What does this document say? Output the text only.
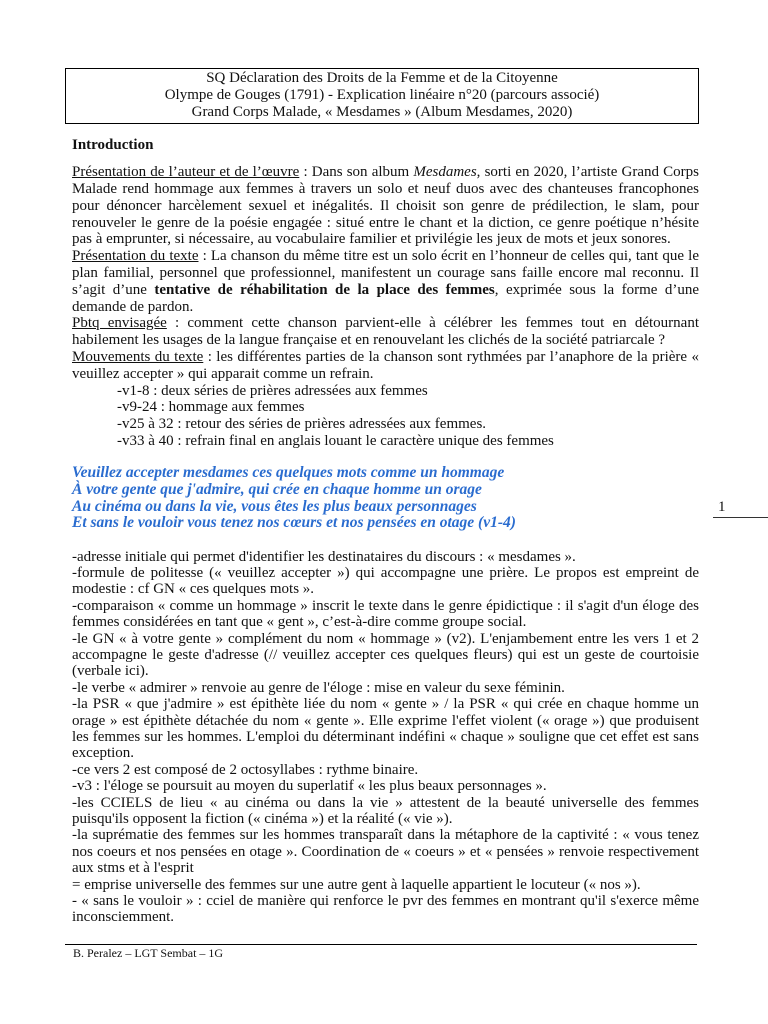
SQ Déclaration des Droits de la Femme et de la Citoyenne
Olympe de Gouges (1791) - Explication linéaire n°20 (parcours associé)
Grand Corps Malade, « Mesdames » (Album Mesdames, 2020)
Introduction

Présentation de l’auteur et de l’œuvre : Dans son album Mesdames, sorti en 2020, l’artiste Grand Corps Malade rend hommage aux femmes à travers un solo et neuf duos avec des chanteuses francophones pour dénoncer harcèlement sexuel et inégalités. Il choisit son genre de prédilection, le slam, pour renouveler le genre de la poésie engagée : situé entre le chant et la diction, ce genre poétique n’hésite pas à emprunter, si nécessaire, au vocabulaire familier et privilégie les jeux de mots et jeux sonores.

Présentation du texte : La chanson du même titre est un solo écrit en l’honneur de celles qui, tant que le plan familial, personnel que professionnel, manifestent un courage sans faille encore mal reconnu. Il s’agit d’une tentative de réhabilitation de la place des femmes, exprimée sous la forme d’une demande de pardon.

Pbtq envisagée : comment cette chanson parvient-elle à célébrer les femmes tout en détournant habilement les usages de la langue française et en renouvelant les clichés de la société patriarcale ?

Mouvements du texte : les différentes parties de la chanson sont rythmées par l’anaphore de la prière « veuillez accepter » qui apparait comme un refrain.

-v1-8 : deux séries de prières adressées aux femmes
-v9-24 : hommage aux femmes
-v25 à 32 : retour des séries de prières adressées aux femmes.
-v33 à 40 : refrain final en anglais louant le caractère unique des femmes
Veuillez accepter mesdames ces quelques mots comme un hommage
À votre gente que j'admire, qui crée en chaque homme un orage
Au cinéma ou dans la vie, vous êtes les plus beaux personnages
Et sans le vouloir vous tenez nos cœurs et nos pensées en otage (v1-4)

-adresse initiale qui permet d'identifier les destinataires du discours : « mesdames ».

-formule de politesse (« veuillez accepter ») qui accompagne une prière. Le propos est empreint de modestie : cf GN « ces quelques mots ».

-comparaison « comme un hommage » inscrit le texte dans le genre épidictique : il s'agit d'un éloge des femmes considérées en tant que « gent », c’est-à-dire comme groupe social.

-le GN « à votre gente » complément du nom « hommage » (v2). L'enjambement entre les vers 1 et 2 accompagne le geste d'adresse (// veuillez accepter ces quelques fleurs) qui est un geste de courtoisie (verbale ici).

-le verbe « admirer » renvoie au genre de l'éloge : mise en valeur du sexe féminin.

-la PSR « que j'admire » est épithète liée du nom « gente » / la PSR « qui crée en chaque homme un orage » est épithète détachée du nom « gente ». Elle exprime l'effet violent (« orage ») que produisent les femmes sur les hommes. L'emploi du déterminant indéfini « chaque » souligne que cet effet est sans exception.

-ce vers 2 est composé de 2 octosyllabes : rythme binaire.

-v3 : l'éloge se poursuit au moyen du superlatif « les plus beaux personnages ».

-les CCIELS de lieu « au cinéma ou dans la vie » attestent de la beauté universelle des femmes puisqu'ils opposent la fiction (« cinéma ») et la réalité (« vie »).

-la suprématie des femmes sur les hommes transparaît dans la métaphore de la captivité : « vous tenez nos coeurs et nos pensées en otage ». Coordination de « coeurs » et « pensées » renvoie respectivement aux stms et à l'esprit

= emprise universelle des femmes sur une autre gent à laquelle appartient le locuteur (« nos »).

- « sans le vouloir » : cciel de manière qui renforce le pvr des femmes en montrant qu'il s'exerce même inconsciemment.

1
B. Peralez – LGT Sembat – 1G
